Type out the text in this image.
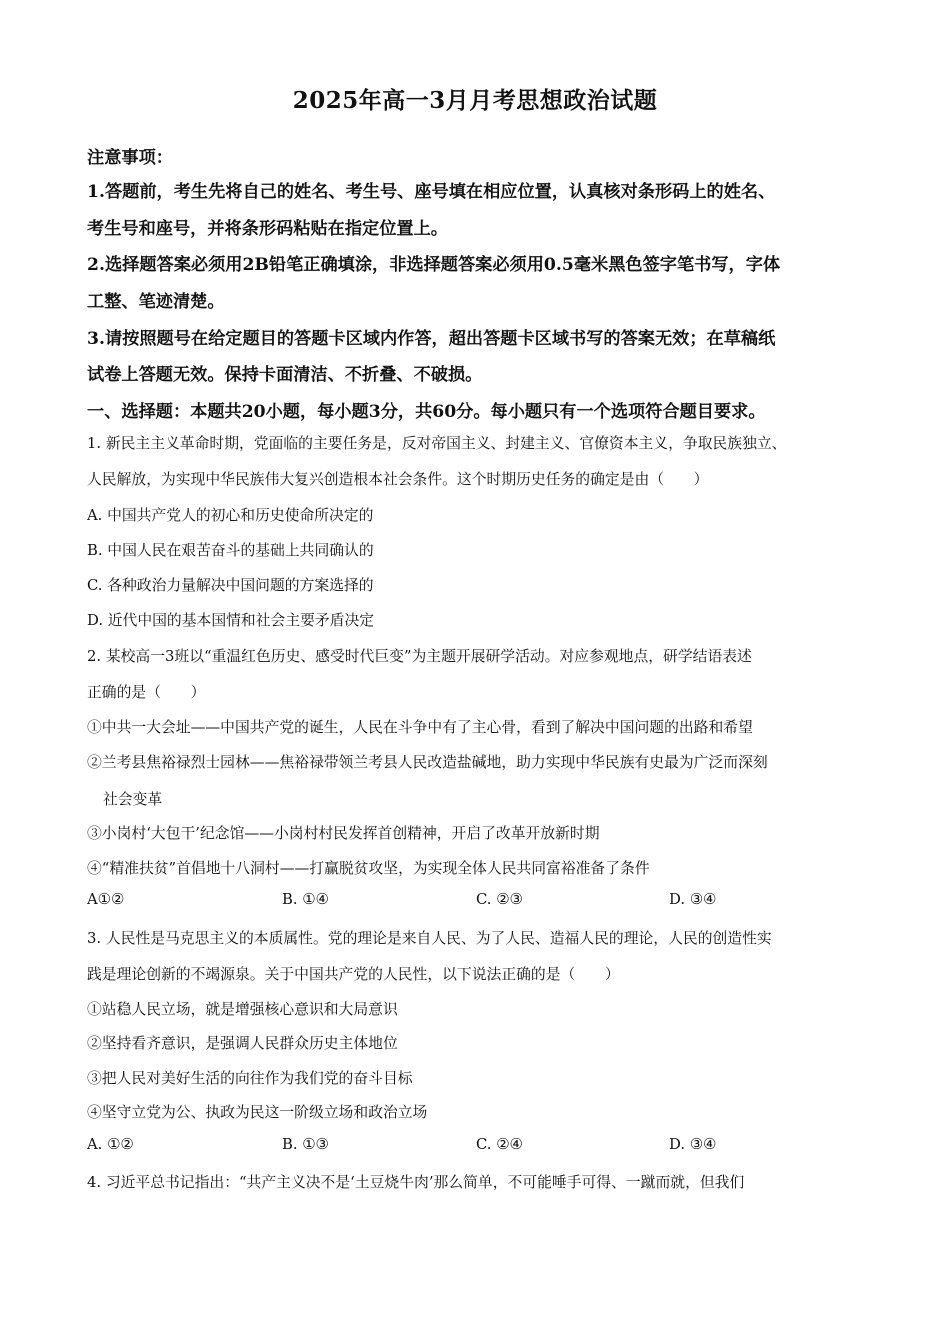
2025年高一3月月考思想政治试题
注意事项：
1.答题前，考生先将自己的姓名、考生号、座号填在相应位置，认真核对条形码上的姓名、
考生号和座号，并将条形码粘贴在指定位置上。
2.选择题答案必须用2B铅笔正确填涂，非选择题答案必须用0.5毫米黑色签字笔书写，字体
工整、笔迹清楚。
3.请按照题号在给定题目的答题卡区域内作答，超出答题卡区域书写的答案无效；在草稿纸
试卷上答题无效。保持卡面清洁、不折叠、不破损。
一、选择题：本题共20小题，每小题3分，共60分。每小题只有一个选项符合题目要求。
1. 新民主主义革命时期，党面临的主要任务是，反对帝国主义、封建主义、官僚资本主义，争取民族独立、
人民解放，为实现中华民族伟大复兴创造根本社会条件。这个时期历史任务的确定是由（　　）
A. 中国共产党人的初心和历史使命所决定的
B. 中国人民在艰苦奋斗的基础上共同确认的
C. 各种政治力量解决中国问题的方案选择的
D. 近代中国的基本国情和社会主要矛盾决定
2. 某校高一3班以“重温红色历史、感受时代巨变”为主题开展研学活动。对应参观地点，研学结语表述
正确的是（　　）
①中共一大会址——中国共产党的诞生，人民在斗争中有了主心骨，看到了解决中国问题的出路和希望
②兰考县焦裕禄烈士园林——焦裕禄带领兰考县人民改造盐碱地，助力实现中华民族有史最为广泛而深刻
社会变革
③小岗村‘大包干’纪念馆——小岗村村民发挥首创精神，开启了改革开放新时期
④“精准扶贫”首倡地十八洞村——打赢脱贫攻坚，为实现全体人民共同富裕准备了条件
A①②	B. ①④	C. ②③	D. ③④
3. 人民性是马克思主义的本质属性。党的理论是来自人民、为了人民、造福人民的理论，人民的创造性实
践是理论创新的不竭源泉。关于中国共产党的人民性，以下说法正确的是（　　）
①站稳人民立场，就是增强核心意识和大局意识
②坚持看齐意识，是强调人民群众历史主体地位
③把人民对美好生活的向往作为我们党的奋斗目标
④坚守立党为公、执政为民这一阶级立场和政治立场
A. ①②	B. ①③	C. ②④	D. ③④
4. 习近平总书记指出：“共产主义决不是‘土豆烧牛肉’那么简单，不可能唾手可得、一蹴而就，但我们
